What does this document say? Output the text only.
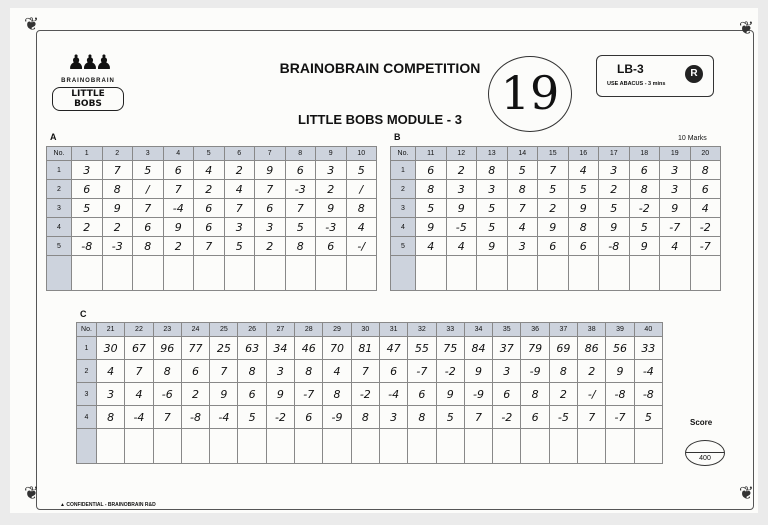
❦	❦
❦	❦
♟♟♟
BRAINOBRAIN
LITTLE BOBS
BRAINOBRAIN COMPETITION
LITTLE BOBS MODULE - 3 19	LB-3
USE ABACUS - 3 mins
R
A	B	10 Marks
C
No.	1	2	3	4	5	6	7	8	9	10
1	3	7	5	6	4	2	9	6	3	5
2	6	8	/	7	2	4	7	-3	2	/
3	5	9	7	-4	6	7	6	7	9	8
4	2	2	6	9	6	3	3	5	-3	4
5	-8	-3	8	2	7	5	2	8	6	-/

No.	11	12	13	14	15	16	17	18	19	20
1	6	2	8	5	7	4	3	6	3	8
2	8	3	3	8	5	5	2	8	3	6
3	5	9	5	7	2	9	5	-2	9	4
4	9	-5	5	4	9	8	9	5	-7	-2
5	4	4	9	3	6	6	-8	9	4	-7

No.	21	22	23	24	25	26	27	28	29	30	31	32	33	34	35	36	37	38	39	40
1	30	67	96	77	25	63	34	46	70	81	47	55	75	84	37	79	69	86	56	33
2	4	7	8	6	7	8	3	8	4	7	6	-7	-2	9	3	-9	8	2	9	-4
3	3	4	-6	2	9	6	9	-7	8	-2	-4	6	9	-9	6	8	2	-/	-8	-8
4	8	-4	7	-8	-4	5	-2	6	-9	8	3	8	5	7	-2	6	-5	7	-7	5
																					Score
400
▲ CONFIDENTIAL - BRAINOBRAIN R&D
